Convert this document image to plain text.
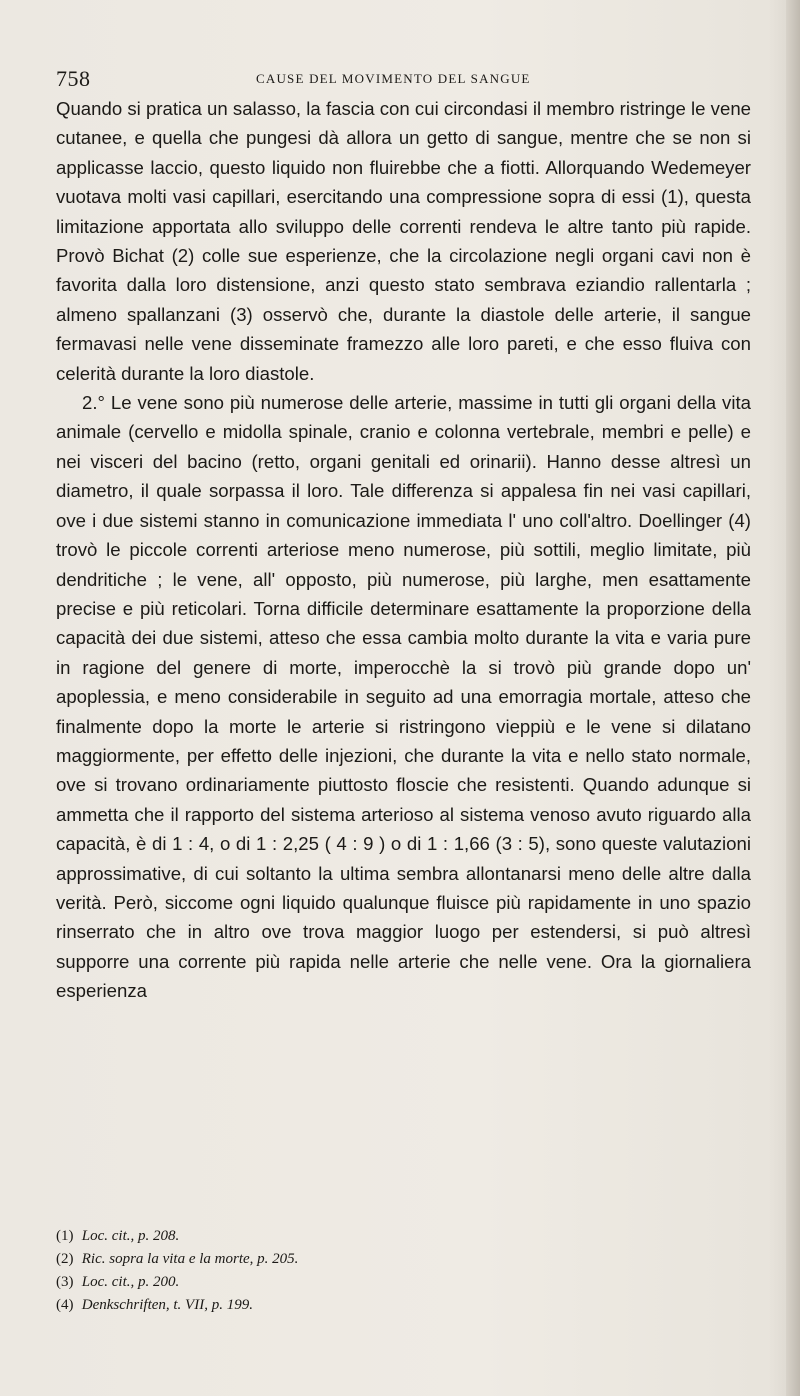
758	CAUSE DEL MOVIMENTO DEL SANGUE

Quando si pratica un salasso, la fascia con cui circondasi il membro ristringe le vene cutanee, e quella che pungesi dà allora un getto di sangue, mentre che se non si applicasse laccio, questo liquido non fluirebbe che a fiotti. Allorquando Wedemeyer vuotava molti vasi capillari, esercitando una compressione sopra di essi (1), questa limitazione apportata allo sviluppo delle correnti rendeva le altre tanto più rapide. Provò Bichat (2) colle sue esperienze, che la circolazione negli organi cavi non è favorita dalla loro distensione, anzi questo stato sembrava eziandio rallentarla ; almeno spallanzani (3) osservò che, durante la diastole delle arterie, il sangue fermavasi nelle vene disseminate framezzo alle loro pareti, e che esso fluiva con celerità durante la loro diastole.

2.° Le vene sono più numerose delle arterie, massime in tutti gli organi della vita animale (cervello e midolla spinale, cranio e colonna vertebrale, membri e pelle) e nei visceri del bacino (retto, organi genitali ed orinarii). Hanno desse altresì un diametro, il quale sorpassa il loro. Tale differenza si appalesa fin nei vasi capillari, ove i due sistemi stanno in comunicazione immediata l' uno coll'altro. Doellinger (4) trovò le piccole correnti arteriose meno numerose, più sottili, meglio limitate, più dendritiche ; le vene, all' opposto, più numerose, più larghe, men esattamente precise e più reticolari. Torna difficile determinare esattamente la proporzione della capacità dei due sistemi, atteso che essa cambia molto durante la vita e varia pure in ragione del genere di morte, imperocchè la si trovò più grande dopo un' apoplessia, e meno considerabile in seguito ad una emorragia mortale, atteso che finalmente dopo la morte le arterie si ristringono vieppiù e le vene si dilatano maggiormente, per effetto delle injezioni, che durante la vita e nello stato normale, ove si trovano ordinariamente piuttosto floscie che resistenti. Quando adunque si ammetta che il rapporto del sistema arterioso al sistema venoso avuto riguardo alla capacità, è di 1 : 4, o di 1 : 2,25 ( 4 : 9 ) o di 1 : 1,66 (3 : 5), sono queste valutazioni approssimative, di cui soltanto la ultima sembra allontanarsi meno delle altre dalla verità. Però, siccome ogni liquido qualunque fluisce più rapidamente in uno spazio rinserrato che in altro ove trova maggior luogo per estendersi, si può altresì supporre una corrente più rapida nelle arterie che nelle vene. Ora la giornaliera esperienza

(1) Loc. cit., p. 208.

(2) Ric. sopra la vita e la morte, p. 205.

(3) Loc. cit., p. 200.

(4) Denkschriften, t. VII, p. 199.
